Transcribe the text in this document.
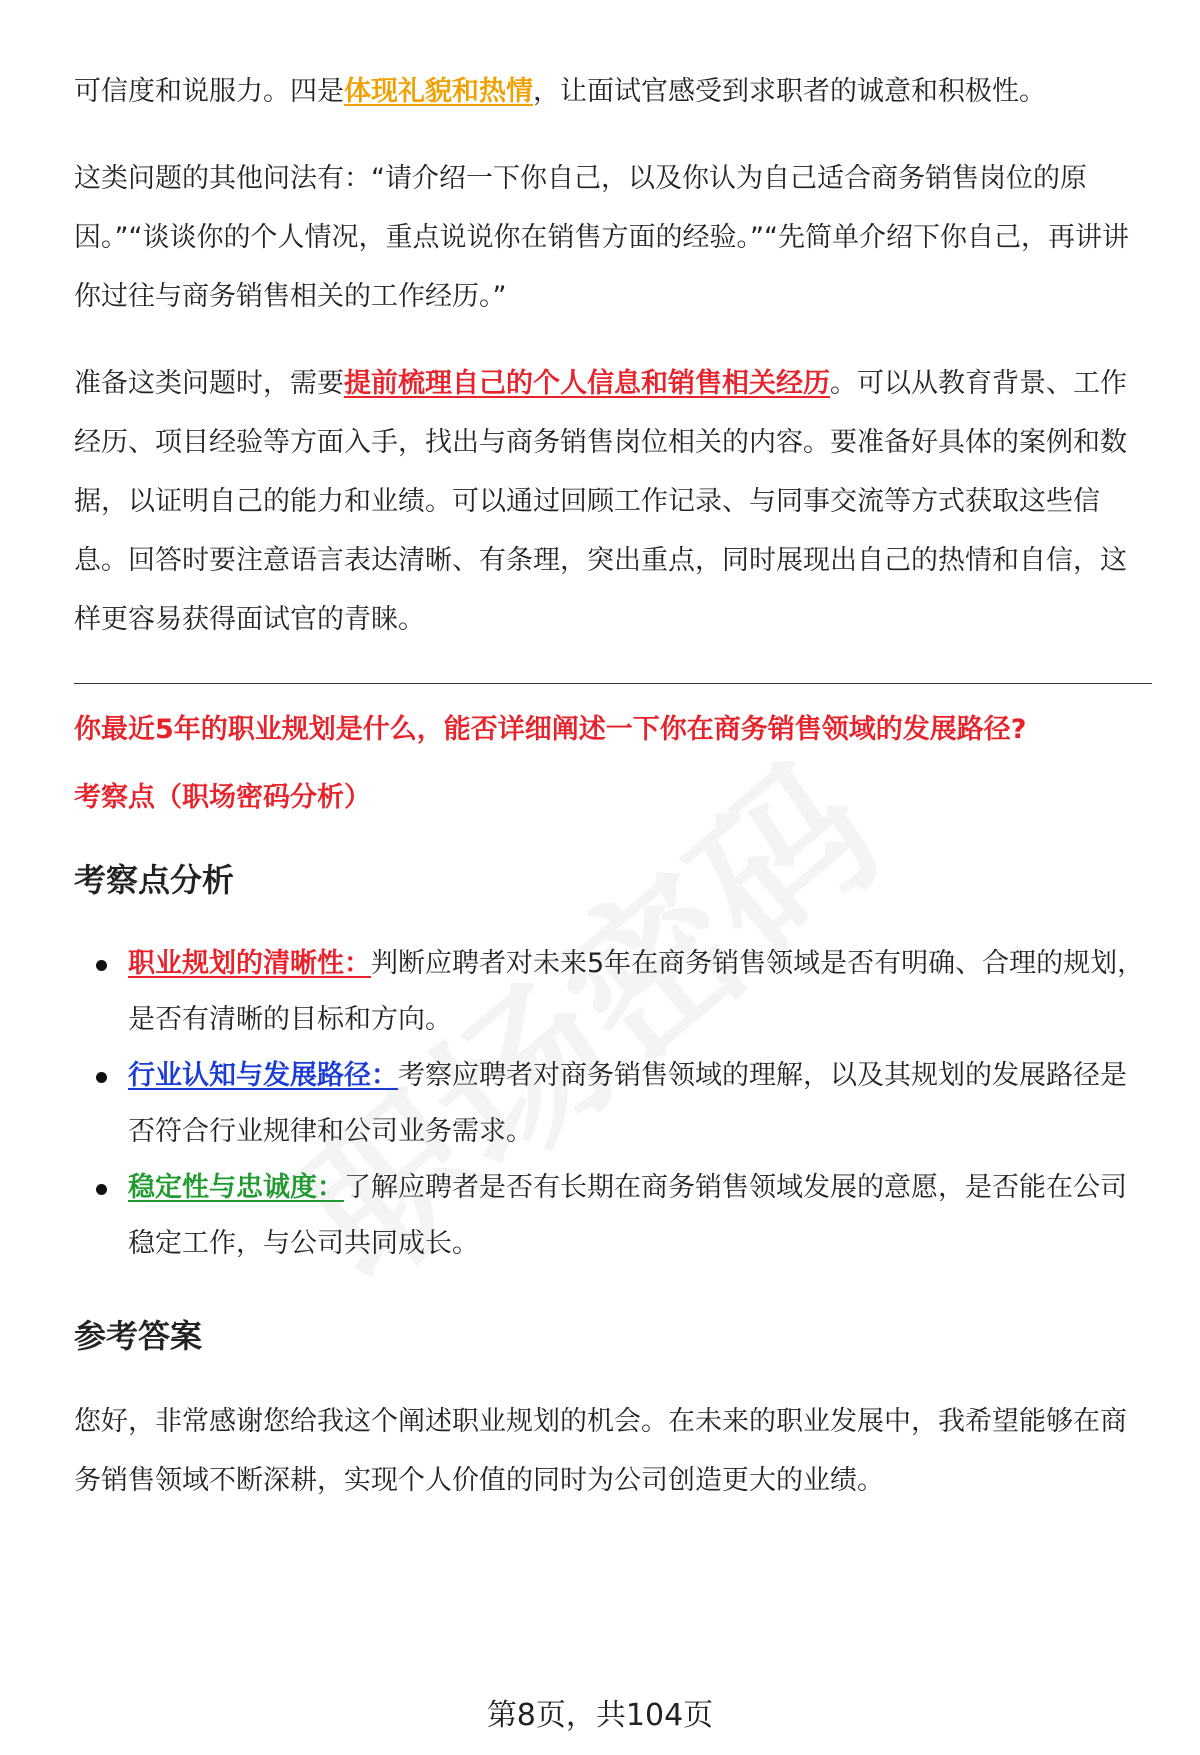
可信度和说服力。四是体现礼貌和热情，让面试官感受到求职者的诚意和积极性。

这类问题的其他问法有：“请介绍一下你自己，以及你认为自己适合商务销售岗位的原因。”“谈谈你的个人情况，重点说说你在销售方面的经验。”“先简单介绍下你自己，再讲讲你过往与商务销售相关的工作经历。”

准备这类问题时，需要提前梳理自己的个人信息和销售相关经历。可以从教育背景、工作经历、项目经验等方面入手，找出与商务销售岗位相关的内容。要准备好具体的案例和数据，以证明自己的能力和业绩。可以通过回顾工作记录、与同事交流等方式获取这些信息。回答时要注意语言表达清晰、有条理，突出重点，同时展现出自己的热情和自信，这样更容易获得面试官的青睐。

你最近5年的职业规划是什么，能否详细阐述一下你在商务销售领域的发展路径?
考察点（职场密码分析）
考察点分析
职业规划的清晰性：判断应聘者对未来5年在商务销售领域是否有明确、合理的规划，是否有清晰的目标和方向。
行业认知与发展路径：考察应聘者对商务销售领域的理解，以及其规划的发展路径是否符合行业规律和公司业务需求。
稳定性与忠诚度：了解应聘者是否有长期在商务销售领域发展的意愿，是否能在公司稳定工作，与公司共同成长。
参考答案

您好，非常感谢您给我这个阐述职业规划的机会。在未来的职业发展中，我希望能够在商务销售领域不断深耕，实现个人价值的同时为公司创造更大的业绩。

第8页，共104页
